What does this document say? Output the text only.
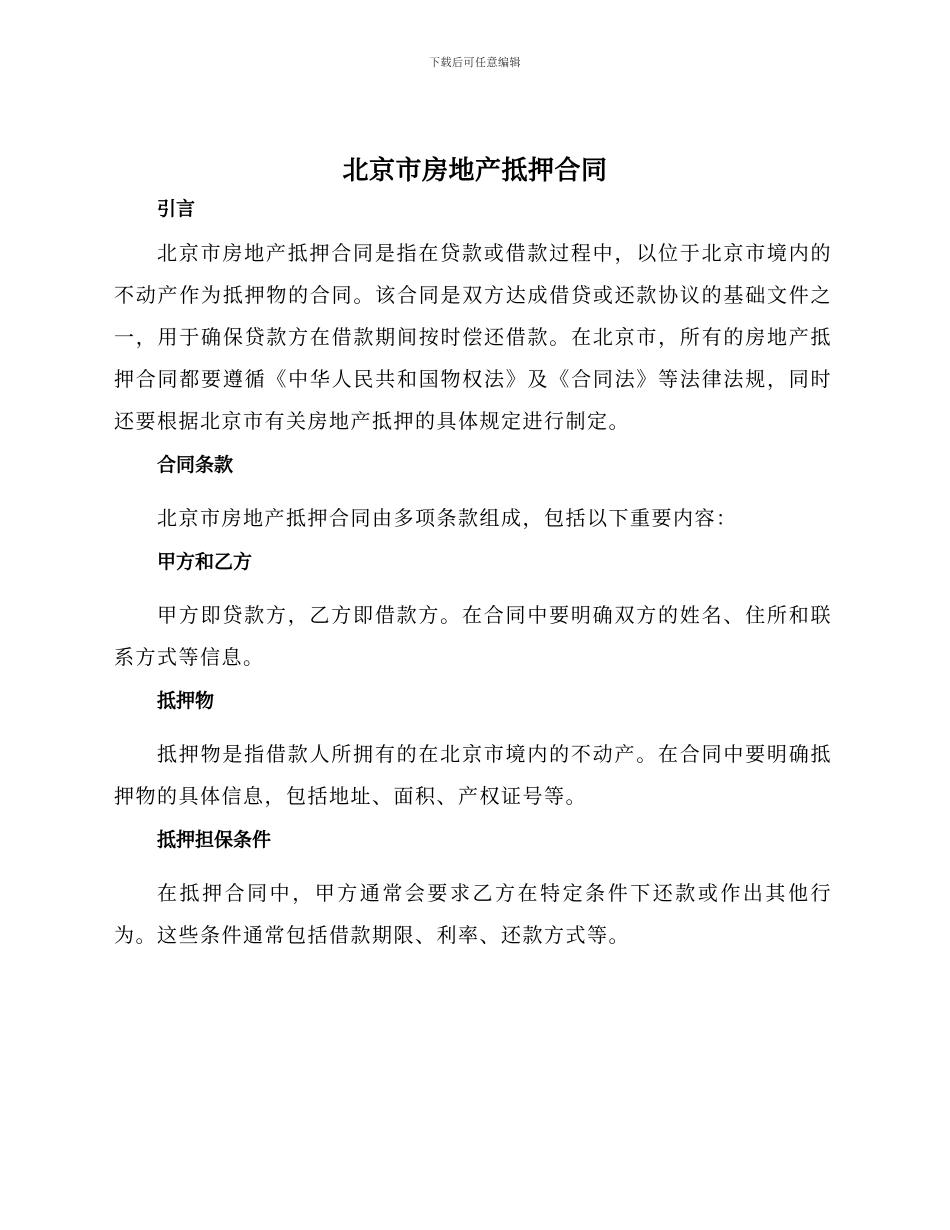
下载后可任意编辑
北京市房地产抵押合同
引言

北京市房地产抵押合同是指在贷款或借款过程中，以位于北京市境内的不动产作为抵押物的合同。该合同是双方达成借贷或还款协议的基础文件之一，用于确保贷款方在借款期间按时偿还借款。在北京市，所有的房地产抵押合同都要遵循《中华人民共和国物权法》及《合同法》等法律法规，同时还要根据北京市有关房地产抵押的具体规定进行制定。

合同条款

北京市房地产抵押合同由多项条款组成，包括以下重要内容：

甲方和乙方

甲方即贷款方，乙方即借款方。在合同中要明确双方的姓名、住所和联系方式等信息。

抵押物

抵押物是指借款人所拥有的在北京市境内的不动产。在合同中要明确抵押物的具体信息，包括地址、面积、产权证号等。

抵押担保条件

在抵押合同中，甲方通常会要求乙方在特定条件下还款或作出其他行为。这些条件通常包括借款期限、利率、还款方式等。
